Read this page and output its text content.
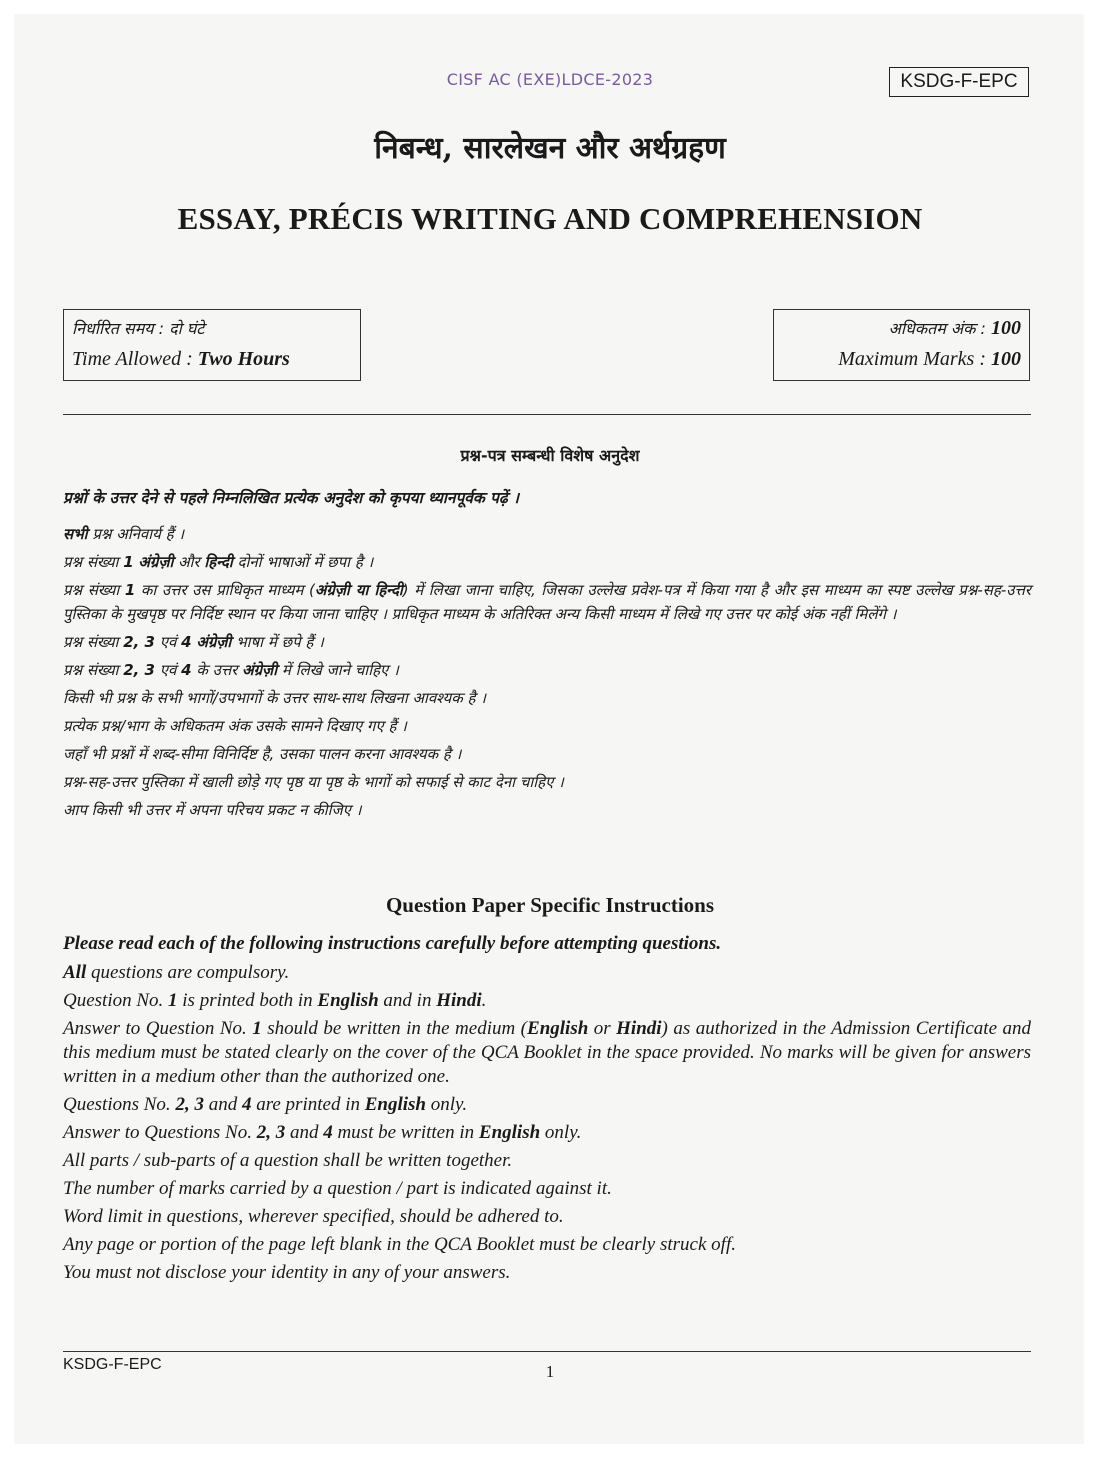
CISF AC (EXE)LDCE-2023	KSDG-F-EPC
निबन्ध, सारलेखन और अर्थग्रहण
ESSAY, PRÉCIS WRITING AND COMPREHENSION
निर्धारित समय : दो घंटे
Time Allowed : Two Hours
अधिकतम अंक : 100
Maximum Marks : 100
प्रश्न-पत्र सम्बन्धी विशेष अनुदेश
प्रश्नों के उत्तर देने से पहले निम्नलिखित प्रत्येक अनुदेश को कृपया ध्यानपूर्वक पढ़ें ।

सभी प्रश्न अनिवार्य हैं ।

प्रश्न संख्या 1 अंग्रेज़ी और हिन्दी दोनों भाषाओं में छपा है ।

प्रश्न संख्या 1 का उत्तर उस प्राधिकृत माध्यम (अंग्रेज़ी या हिन्दी) में लिखा जाना चाहिए, जिसका उल्लेख प्रवेश-पत्र में किया गया है और इस माध्यम का स्पष्ट उल्लेख प्रश्न-सह-उत्तर पुस्तिका के मुखपृष्ठ पर निर्दिष्ट स्थान पर किया जाना चाहिए । प्राधिकृत माध्यम के अतिरिक्त अन्य किसी माध्यम में लिखे गए उत्तर पर कोई अंक नहीं मिलेंगे ।

प्रश्न संख्या 2, 3 एवं 4 अंग्रेज़ी भाषा में छपे हैं ।

प्रश्न संख्या 2, 3 एवं 4 के उत्तर अंग्रेज़ी में लिखे जाने चाहिए ।

किसी भी प्रश्न के सभी भागों/उपभागों के उत्तर साथ-साथ लिखना आवश्यक है ।

प्रत्येक प्रश्न/भाग के अधिकतम अंक उसके सामने दिखाए गए हैं ।

जहाँ भी प्रश्नों में शब्द-सीमा विनिर्दिष्ट है, उसका पालन करना आवश्यक है ।

प्रश्न-सह-उत्तर पुस्तिका में खाली छोड़े गए पृष्ठ या पृष्ठ के भागों को सफाई से काट देना चाहिए ।

आप किसी भी उत्तर में अपना परिचय प्रकट न कीजिए ।

Question Paper Specific Instructions

Please read each of the following instructions carefully before attempting questions.

All questions are compulsory.

Question No. 1 is printed both in English and in Hindi.

Answer to Question No. 1 should be written in the medium (English or Hindi) as authorized in the Admission Certificate and this medium must be stated clearly on the cover of the QCA Booklet in the space provided. No marks will be given for answers written in a medium other than the authorized one.

Questions No. 2, 3 and 4 are printed in English only.

Answer to Questions No. 2, 3 and 4 must be written in English only.

All parts / sub-parts of a question shall be written together.

The number of marks carried by a question / part is indicated against it.

Word limit in questions, wherever specified, should be adhered to.

Any page or portion of the page left blank in the QCA Booklet must be clearly struck off.

You must not disclose your identity in any of your answers.

KSDG-F-EPC	1
